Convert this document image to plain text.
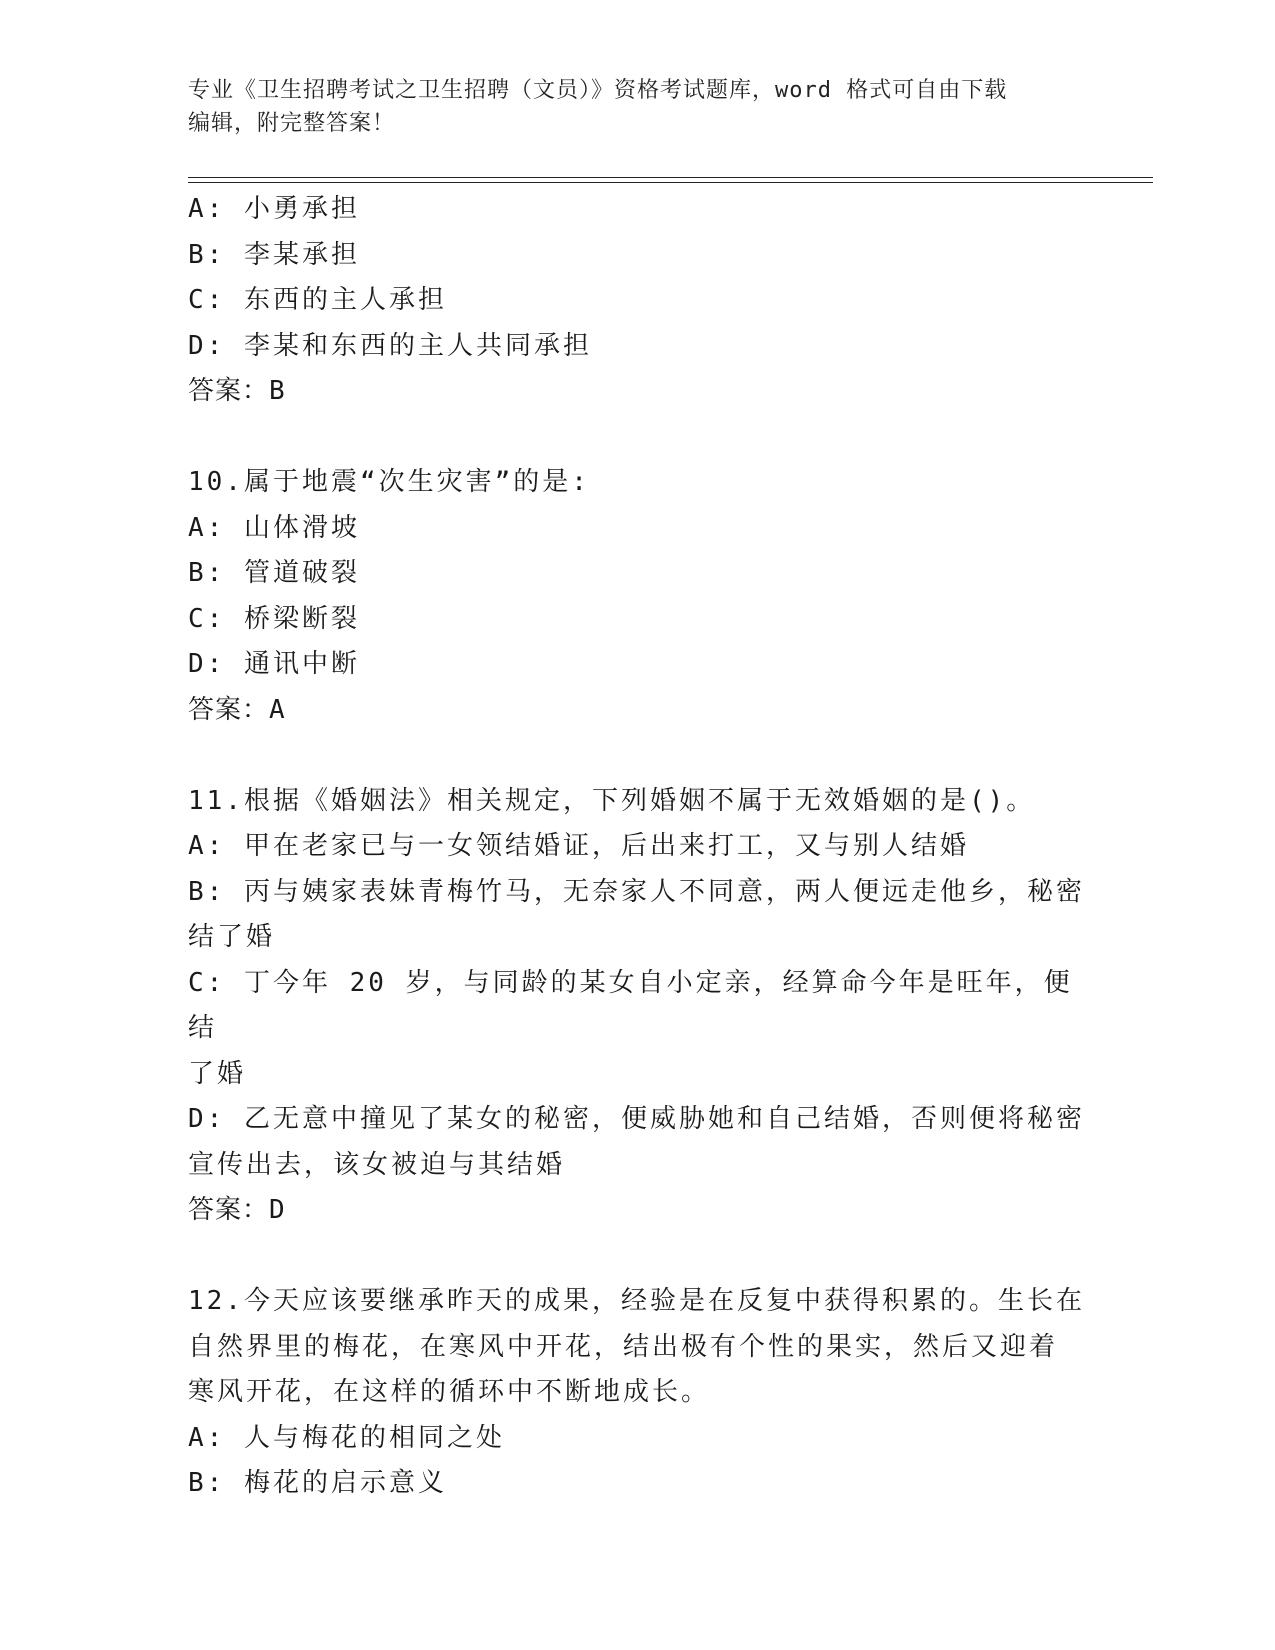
专业《卫生招聘考试之卫生招聘（文员）》资格考试题库，word 格式可自由下载
编辑，附完整答案！
A: 小勇承担
B: 李某承担
C: 东西的主人承担
D: 李某和东西的主人共同承担
答案：B
10.属于地震“次生灾害”的是:
A: 山体滑坡
B: 管道破裂
C: 桥梁断裂
D: 通讯中断
答案：A
11.根据《婚姻法》相关规定，下列婚姻不属于无效婚姻的是()。
A: 甲在老家已与一女领结婚证，后出来打工，又与别人结婚
B: 丙与姨家表妹青梅竹马，无奈家人不同意，两人便远走他乡，秘密
结了婚
C: 丁今年 20 岁，与同龄的某女自小定亲，经算命今年是旺年，便结
了婚
D: 乙无意中撞见了某女的秘密，便威胁她和自己结婚，否则便将秘密
宣传出去，该女被迫与其结婚
答案：D
12.今天应该要继承昨天的成果，经验是在反复中获得积累的。生长在
自然界里的梅花，在寒风中开花，结出极有个性的果实，然后又迎着
寒风开花，在这样的循环中不断地成长。
A: 人与梅花的相同之处
B: 梅花的启示意义
